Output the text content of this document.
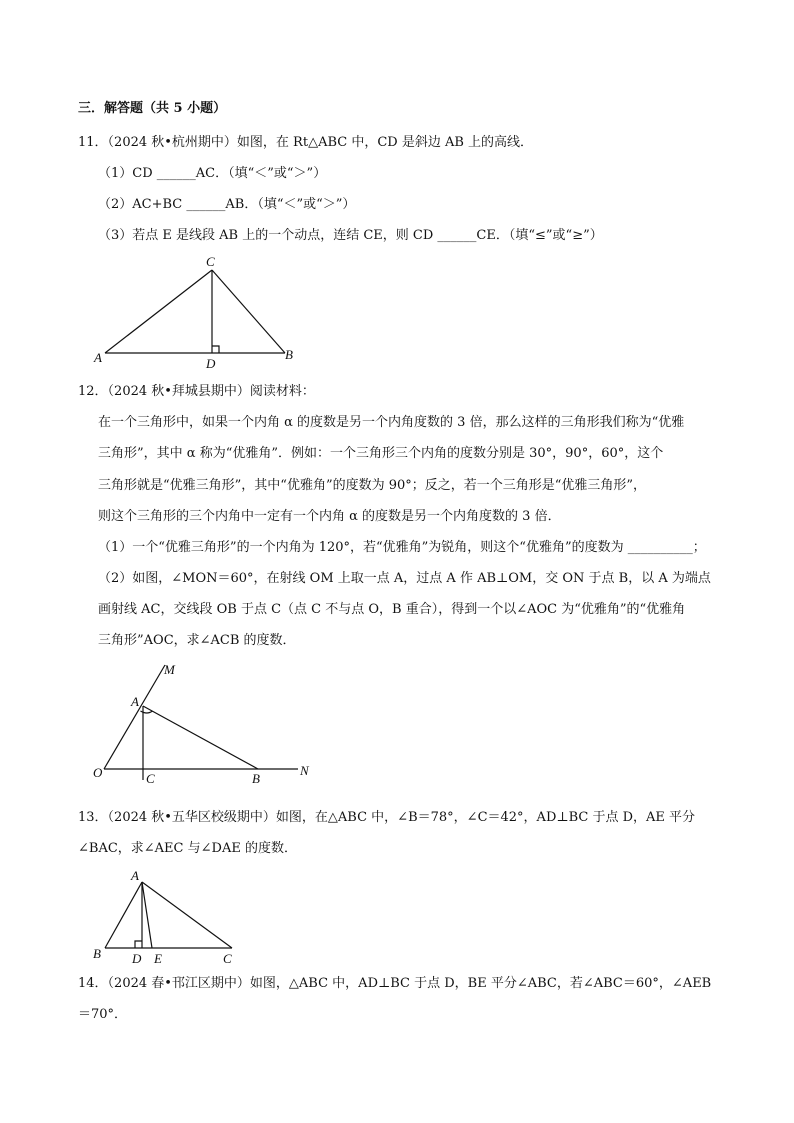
三．解答题（共 5 小题）
11．（2024 秋•杭州期中）如图，在 Rt△ABC 中，CD 是斜边 AB 上的高线．
（1）CD ______AC．（填“＜”或“＞”）
（2）AC+BC ______AB．（填“＜”或“＞”）
（3）若点 E 是线段 AB 上的一个动点，连结 CE，则 CD ______CE．（填“≤”或“≥”）
C
A	D
B
12．（2024 秋•拜城县期中）阅读材料：
在一个三角形中，如果一个内角 α 的度数是另一个内角度数的 3 倍，那么这样的三角形我们称为“优雅
三角形”，其中 α 称为“优雅角”．例如：一个三角形三个内角的度数分别是 30°，90°，60°，这个
三角形就是“优雅三角形”，其中“优雅角”的度数为 90°；反之，若一个三角形是“优雅三角形”，
则这个三角形的三个内角中一定有一个内角 α 的度数是另一个内角度数的 3 倍．
（1）一个“优雅三角形”的一个内角为 120°，若“优雅角”为锐角，则这个“优雅角”的度数为 __________；
（2）如图，∠MON＝60°，在射线 OM 上取一点 A，过点 A 作 AB⊥OM，交 ON 于点 B，以 A 为端点
画射线 AC，交线段 OB 于点 C（点 C 不与点 O，B 重合），得到一个以∠AOC 为“优雅角”的“优雅角
三角形”AOC，求∠ACB 的度数．
M
A
O	C	B
N
13．（2024 秋•五华区校级期中）如图，在△ABC 中，∠B＝78°，∠C＝42°，AD⊥BC 于点 D，AE 平分
∠BAC，求∠AEC 与∠DAE 的度数．
A
B D E	C
14．（2024 春•邗江区期中）如图，△ABC 中，AD⊥BC 于点 D，BE 平分∠ABC，若∠ABC＝60°，∠AEB
＝70°．
